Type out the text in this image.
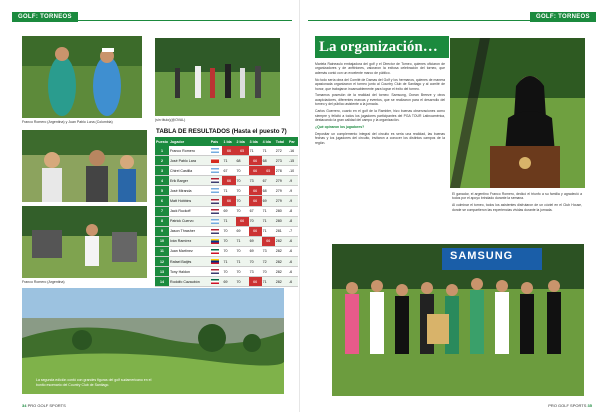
GOLF: TORNEOS
Franco Romero (Argentina) y Juan Pablo Luna (Colombia)	(sin título)(@OVAL)
Franco Romero (Argentina)
TABLA DE RESULTADOS (Hasta el puesto 7)
Puesto	Jugador	País	1 Ida	2 Ida	3 Ida	4 Ida	Total	Par
1	Franco Romero		66	65	71	71	272	-16
2	José Pablo Lara		71	68	66	68	273	-15
3	Chirel Castilla		67	70	66	65	278	-10
4	Erik Barger		66	70	73	67	279	-9
5	José Miranda		71	70	66	68	279	-9
6	Matt Hobbins		66	70	66	69	279	-9
7	Jack Ruckoff		69	70	67	71	280	-8
8	Patrick Cuervo		71	66	70	71	280	-8
9	Jason Thrasher		70	69	66	71	281	-7
10	Iván Ramírez		70	71	69	66	282	-6
11	Juan Martínez		70	70	69	73	282	-6
12	Rafael Batjés		71	71	70	72	282	-6
13	Tony Haldon		70	70	73	70	282	-6
14	Rodolfo Cazaubón		69	70	66	71	282	-6
La segunda edición contó con grandes figuras del golf sudamericano en el bonito escenario del Country Club de Santiago.
34 PRO GOLF SPORTS
GOLF: TORNEOS
La organización…

Mariela Raineaulo embajadora del golf y el Director de Torneo, quienes oficiaron de organizadores y de anfitriones, valoraron la exitosa celebración del torneo, que además contó con un excelente marco de público.

No todo sería obra del Comité de Damas del Golf y los hermanos, quienes de manera apasionada organizaron el torneo junto al Country Club de Santiago y al comité de honor, que trabajaron incansablemente para lograr el éxito del torneo.

Tomamos posesión de la realidad del torneo: Samsung, Ocean Breeze y otros auspiciadores, diferentes marcas y eventos, que se realizaron para el desarrollo del torneo y del público asistente a la jornada.

Carlos Guerrero, cuarto en el golf de la Rambler, hizo buenas observaciones como siempre y felicitó a todos los jugadores participantes del PGA TOUR Latinoamérica, destacando la gran calidad del campo y la organización.

¿Qué opinaron los jugadores?

Depositar un complemento integral del circuito es seria una realidad, las buenas fechas y los jugadores del circuito, invitaron a conocer los distintos campos de la región.

El ganador, el argentino Franco Romero, dedicó el triunfo a su familia y agradeció a todos por el apoyo brindado durante la semana.

Al culminar el torneo, todos los asistentes disfrutaron de un cóctel en el Club House, donde se compartieron las experiencias vividas durante la jornada.

SAMSUNG
PRO GOLF SPORTS 35
